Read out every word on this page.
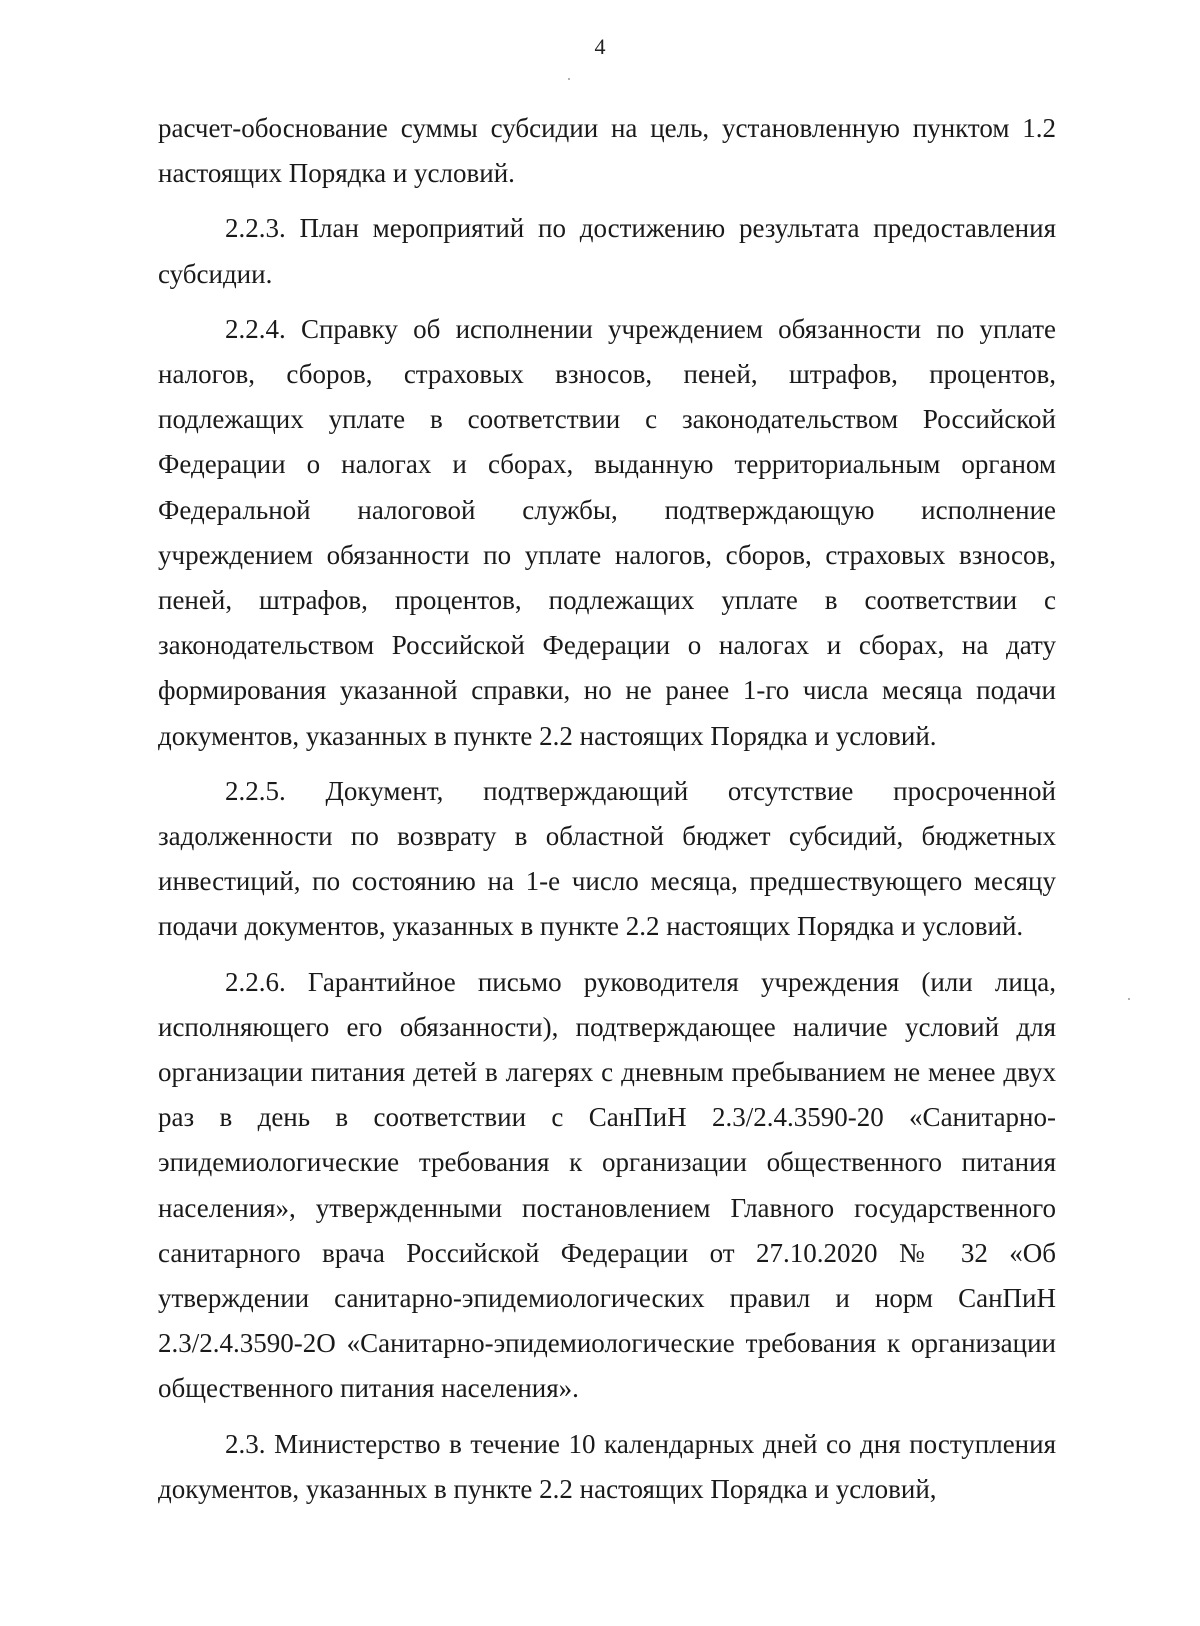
4

расчет-обоснование суммы субсидии на цель, установленную пунктом 1.2 настоящих Порядка и условий.

2.2.3. План мероприятий по достижению результата предоставления субсидии.

2.2.4. Справку об исполнении учреждением обязанности по уплате налогов, сборов, страховых взносов, пеней, штрафов, процентов, подлежащих уплате в соответствии с законодательством Российской Федерации о налогах и сборах, выданную территориальным органом Федеральной налоговой службы, подтверждающую исполнение учреждением обязанности по уплате налогов, сборов, страховых взносов, пеней, штрафов, процентов, подлежащих уплате в соответствии с законодательством Российской Федерации о налогах и сборах, на дату формирования указанной справки, но не ранее 1-го числа месяца подачи документов, указанных в пункте 2.2 настоящих Порядка и условий.

2.2.5. Документ, подтверждающий отсутствие просроченной задолженности по возврату в областной бюджет субсидий, бюджетных инвестиций, по состоянию на 1-е число месяца, предшествующего месяцу подачи документов, указанных в пункте 2.2 настоящих Порядка и условий.

2.2.6. Гарантийное письмо руководителя учреждения (или лица, исполняющего его обязанности), подтверждающее наличие условий для организации питания детей в лагерях с дневным пребыванием не менее двух раз в день в соответствии с СанПиН 2.3/2.4.3590-20 «Санитарно-эпидемиологические требования к организации общественного питания населения», утвержденными постановлением Главного государственного санитарного врача Российской Федерации от 27.10.2020 № 32 «Об утверждении санитарно-эпидемиологических правил и норм СанПиН 2.3/2.4.3590-2О «Санитарно-эпидемиологические требования к организации общественного питания населения».

2.3. Министерство в течение 10 календарных дней со дня поступления документов, указанных в пункте 2.2 настоящих Порядка и условий,
